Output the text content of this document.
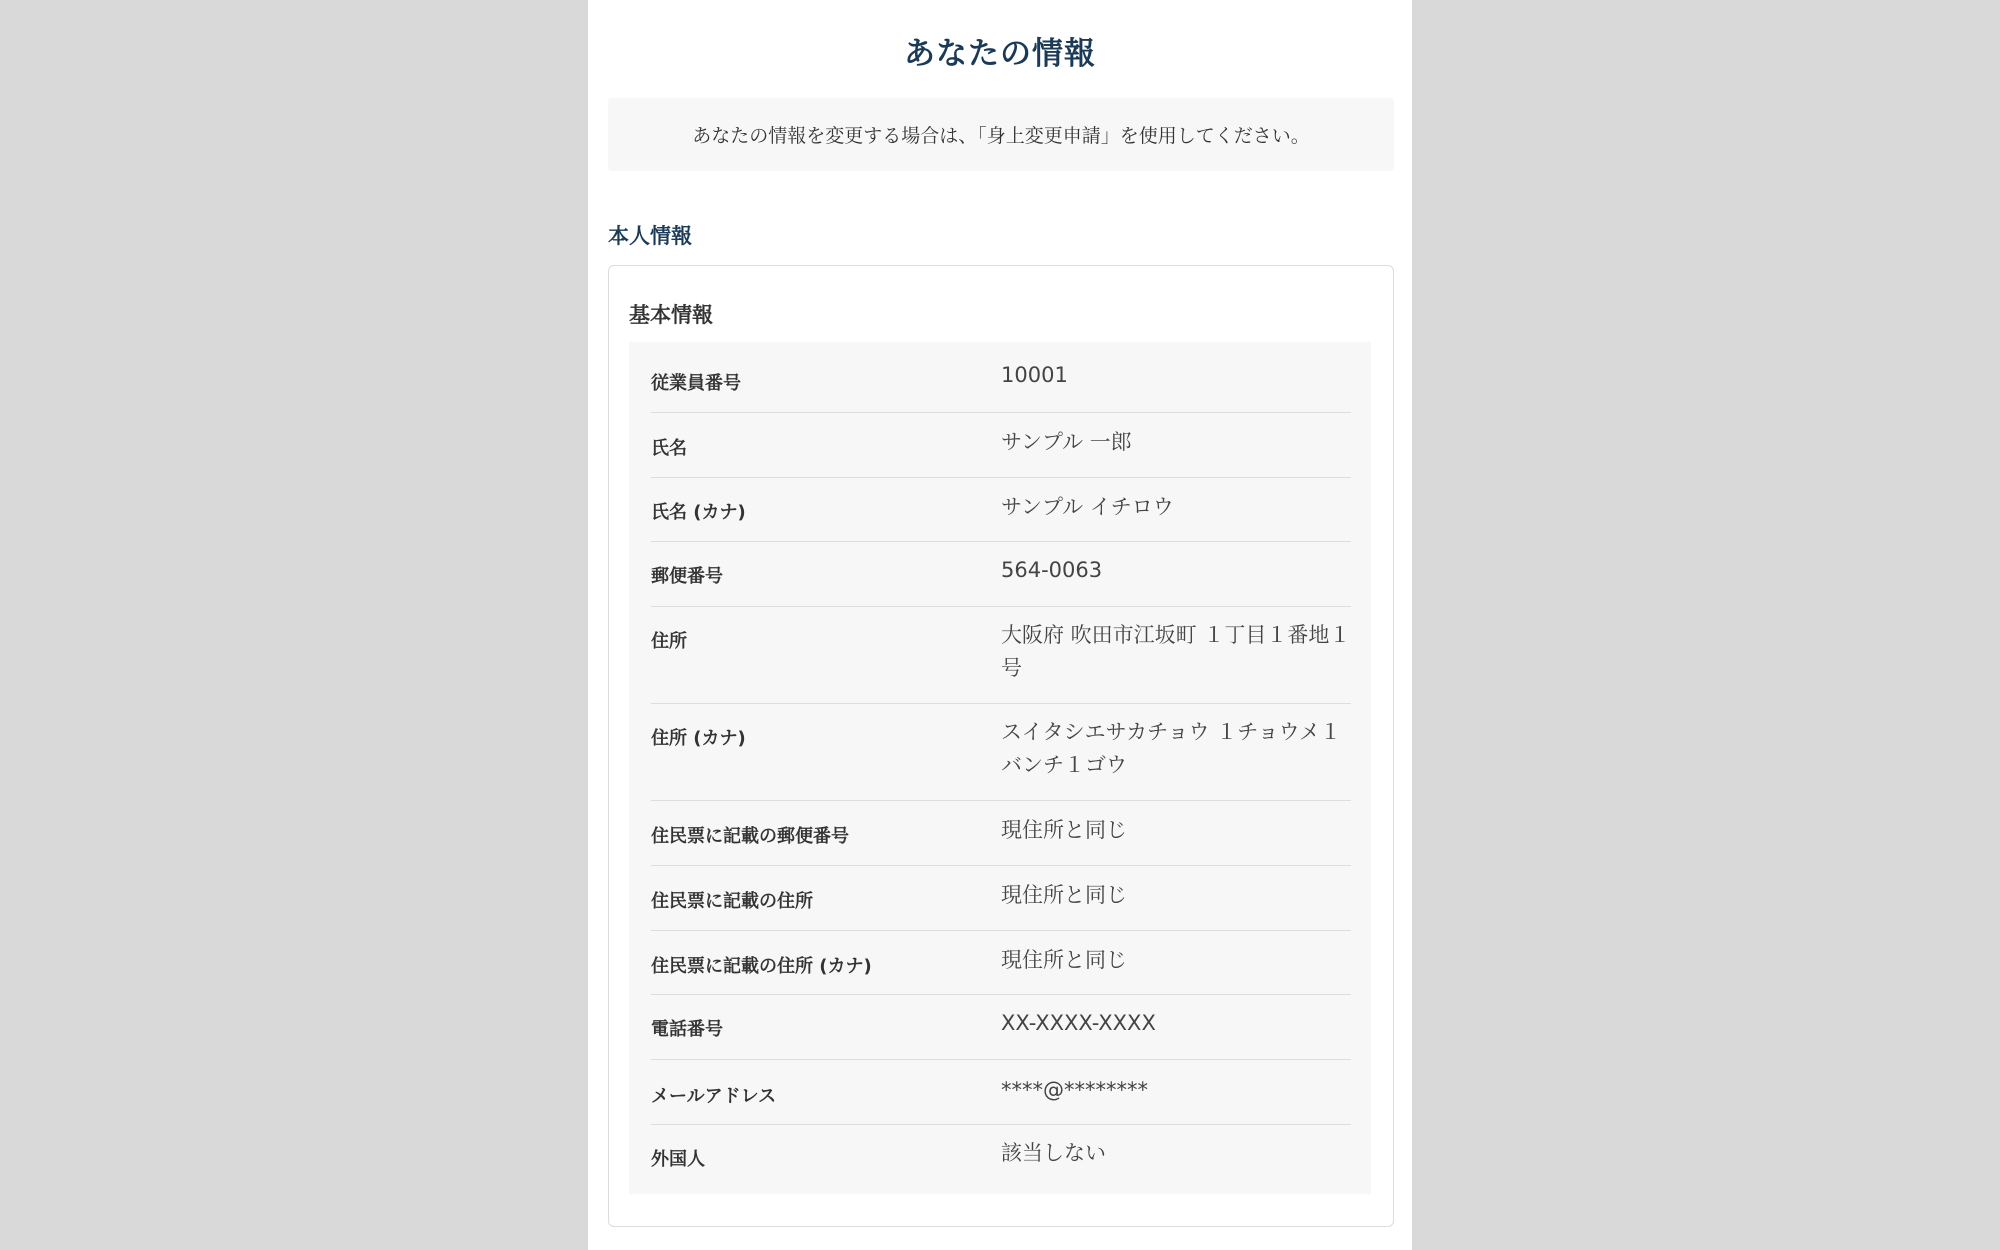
あなたの情報
あなたの情報を変更する場合は、「身上変更申請」を使用してください。
本人情報
基本情報
従業員番号	10001
氏名	サンプル 一郎
氏名 (カナ)	サンプル イチロウ
郵便番号	564-0063
住所	大阪府 吹田市江坂町 １丁目１番地１号
住所 (カナ)	スイタシエサカチョウ １チョウメ１バンチ１ゴウ
住民票に記載の郵便番号	現住所と同じ
住民票に記載の住所	現住所と同じ
住民票に記載の住所 (カナ)	現住所と同じ
電話番号	XX-XXXX-XXXX
メールアドレス	****@********
外国人	該当しない
